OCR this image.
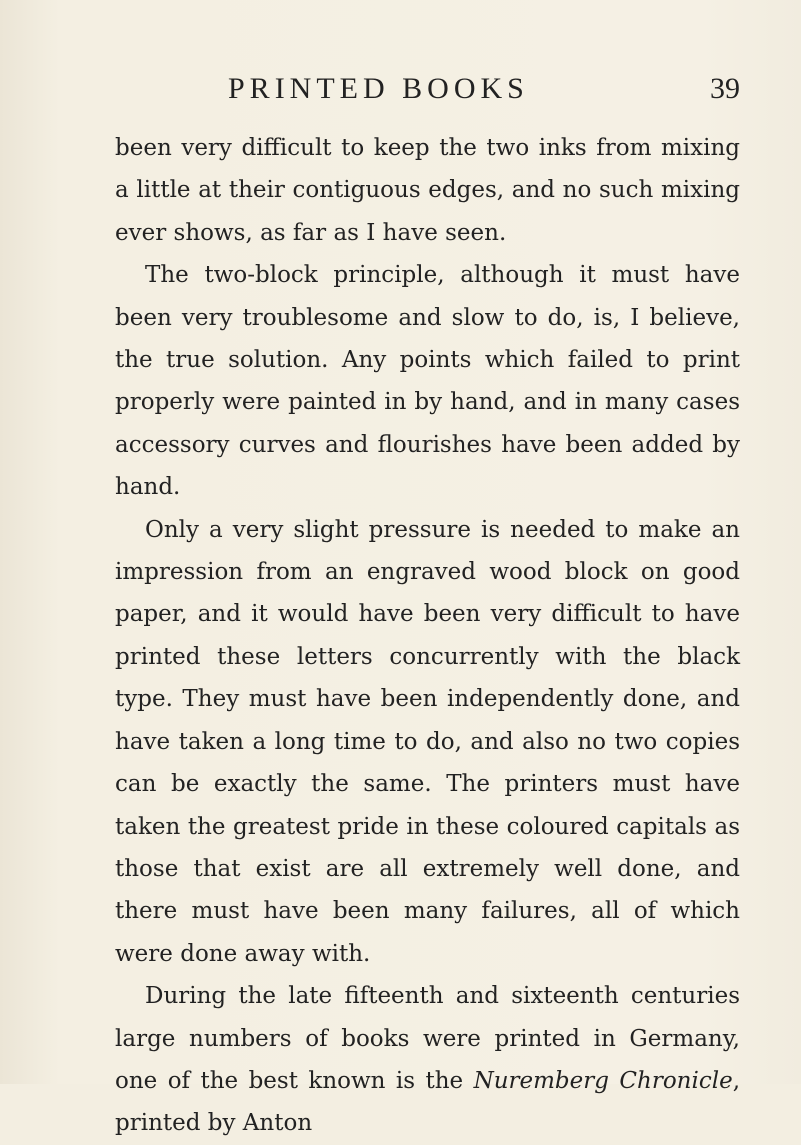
PRINTED BOOKS	39

been very difficult to keep the two inks from mixing a little at their contiguous edges, and no such mixing ever shows, as far as I have seen.

The two-block principle, although it must have been very troublesome and slow to do, is, I believe, the true solution. Any points which failed to print properly were painted in by hand, and in many cases accessory curves and flourishes have been added by hand.

Only a very slight pressure is needed to make an impression from an engraved wood block on good paper, and it would have been very difficult to have printed these letters concurrently with the black type. They must have been independently done, and have taken a long time to do, and also no two copies can be exactly the same. The printers must have taken the greatest pride in these coloured capitals as those that exist are all extremely well done, and there must have been many failures, all of which were done away with.

During the late fifteenth and sixteenth centuries large numbers of books were printed in Germany, one of the best known is the Nuremberg Chronicle, printed by Anton
